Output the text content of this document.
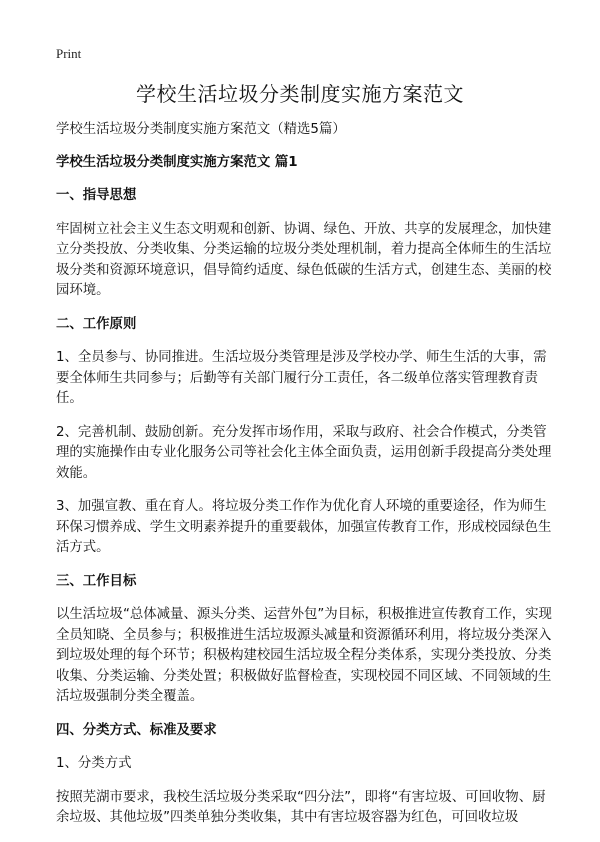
Print
学校生活垃圾分类制度实施方案范文

学校生活垃圾分类制度实施方案范文（精选5篇）

学校生活垃圾分类制度实施方案范文 篇1

一、指导思想

牢固树立社会主义生态文明观和创新、协调、绿色、开放、共享的发展理念，加快建立分类投放、分类收集、分类运输的垃圾分类处理机制，着力提高全体师生的生活垃圾分类和资源环境意识，倡导简约适度、绿色低碳的生活方式，创建生态、美丽的校园环境。

二、工作原则

1、全员参与、协同推进。生活垃圾分类管理是涉及学校办学、师生生活的大事，需要全体师生共同参与；后勤等有关部门履行分工责任，各二级单位落实管理教育责任。

2、完善机制、鼓励创新。充分发挥市场作用，采取与政府、社会合作模式，分类管理的实施操作由专业化服务公司等社会化主体全面负责，运用创新手段提高分类处理效能。

3、加强宣教、重在育人。将垃圾分类工作作为优化育人环境的重要途径，作为师生环保习惯养成、学生文明素养提升的重要载体，加强宣传教育工作，形成校园绿色生活方式。

三、工作目标

以生活垃圾“总体减量、源头分类、运营外包”为目标，积极推进宣传教育工作，实现全员知晓、全员参与；积极推进生活垃圾源头减量和资源循环利用，将垃圾分类深入到垃圾处理的每个环节；积极构建校园生活垃圾全程分类体系，实现分类投放、分类收集、分类运输、分类处置；积极做好监督检查，实现校园不同区域、不同领域的生活垃圾强制分类全覆盖。

四、分类方式、标准及要求

1、分类方式

按照芜湖市要求，我校生活垃圾分类采取“四分法”，即将“有害垃圾、可回收物、厨余垃圾、其他垃圾”四类单独分类收集，其中有害垃圾容器为红色，可回收垃圾
